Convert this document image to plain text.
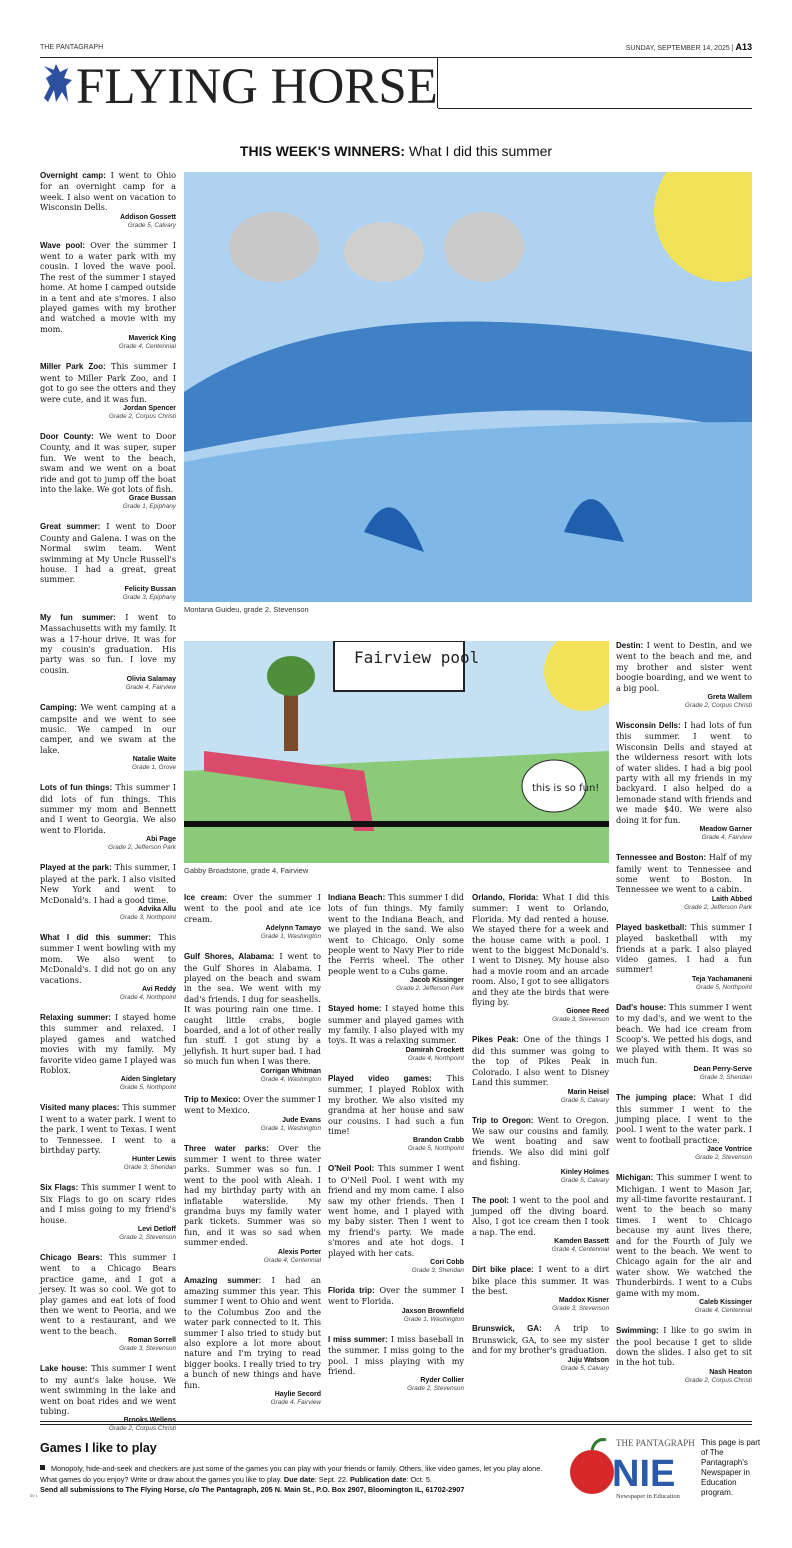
THE PANTAGRAPH	SUNDAY, SEPTEMBER 14, 2025 | A13
FLYING HORSE
THIS WEEK'S WINNERS: What I did this summer
Montana Guideu, grade 2, Stevenson
Fairview pool
this is so fun!
Gabby Broadstone, grade 4, Fairview
Overnight camp: I went to Ohio for an overnight camp for a week. I also went on vacation to Wisconsin Dells.
Addison Gossett
Grade 5, Calvary
Wave pool: Over the summer I went to a water park with my cousin. I loved the wave pool. The rest of the summer I stayed home. At home I camped outside in a tent and ate s'mores. I also played games with my brother and watched a movie with my mom.
Maverick King
Grade 4, Centennial
Miller Park Zoo: This summer I went to Miller Park Zoo, and I got to go see the otters and they were cute, and it was fun.
Jordan Spencer
Grade 2, Corpus Christi
Door County: We went to Door County, and it was super, super fun. We went to the beach, swam and we went on a boat ride and got to jump off the boat into the lake. We got lots of fish.
Grace Bussan
Grade 1, Epiphany
Great summer: I went to Door County and Galena. I was on the Normal swim team. Went swimming at My Uncle Russell's house. I had a great, great summer.
Felicity Bussan
Grade 3, Epiphany
My fun summer: I went to Massachusetts with my family. It was a 17-hour drive. It was for my cousin's graduation. His party was so fun. I love my cousin.
Olivia Salamay
Grade 4, Fairview
Camping: We went camping at a campsite and we went to see music. We camped in our camper, and we swam at the lake.
Natalie Waite
Grade 1, Grove
Lots of fun things: This summer I did lots of fun things. This summer my mom and Bennett and I went to Georgia. We also went to Florida.
Abi Page
Grade 2, Jefferson Park
Played at the park: This summer, I played at the park. I also visited New York and went to McDonald's. I had a good time.
Advika Allu
Grade 3, Northpoint
What I did this summer: This summer I went bowling with my mom. We also went to McDonald's. I did not go on any vacations.
Avi Reddy
Grade 4, Northpoint
Relaxing summer: I stayed home this summer and relaxed. I played games and watched movies with my family. My favorite video game I played was Roblox.
Aiden Singletary
Grade 5, Northpoint
Visited many places: This summer I went to a water park. I went to the park. I went to Texas. I went to Tennessee. I went to a birthday party.
Hunter Lewis
Grade 3, Sheridan
Six Flags: This summer I went to Six Flags to go on scary rides and I miss going to my friend's house.
Levi Detloff
Grade 2, Stevenson
Chicago Bears: This summer I went to a Chicago Bears practice game, and I got a jersey. It was so cool. We got to play games and eat lots of food then we went to Peoria, and we went to a restaurant, and we went to the beach.
Roman Sorrell
Grade 3, Stevenson
Lake house: This summer I went to my aunt's lake house. We went swimming in the lake and went on boat rides and we went tubing.
Brooks Wellens
Grade 2, Corpus Christi
Ice cream: Over the summer I went to the pool and ate ice cream.
Adelynn Tamayo
Grade 1, Washington
Gulf Shores, Alabama: I went to the Gulf Shores in Alabama. I played on the beach and swam in the sea. We went with my dad's friends. I dug for seashells. It was pouring rain one time. I caught little crabs, bogie boarded, and a lot of other really fun stuff. I got stung by a jellyfish. It hurt super bad. I had so much fun when I was there.
Corrigan Whitman
Grade 4, Washington
Trip to Mexico: Over the summer I went to Mexico.
Jude Evans
Grade 1, Washington
Three water parks: Over the summer I went to three water parks. Summer was so fun. I went to the pool with Aleah. I had my birthday party with an inflatable waterslide. My grandma buys my family water park tickets. Summer was so fun, and it was so sad when summer ended.
Alexis Porter
Grade 4, Centennial
Amazing summer: I had an amazing summer this year. This summer I went to Ohio and went to the Columbus Zoo and the water park connected to it. This summer I also tried to study but also explore a lot more about nature and I'm trying to read bigger books. I really tried to try a bunch of new things and have fun.
Haylie Secord
Grade 4, Fairview
Indiana Beach: This summer I did lots of fun things. My family went to the Indiana Beach, and we played in the sand. We also went to Chicago. Only some people went to Navy Pier to ride the Ferris wheel. The other people went to a Cubs game.
Jacob Kissinger
Grade 2, Jefferson Park
Stayed home: I stayed home this summer and played games with my family. I also played with my toys. It was a relaxing summer.
Damirah Crockett
Grade 4, Northpoint
Played video games: This summer, I played Roblox with my brother. We also visited my grandma at her house and saw our cousins. I had such a fun time!
Brandon Crabb
Grade 5, Northpoint
O'Neil Pool: This summer I went to O'Neil Pool. I went with my friend and my mom came. I also saw my other friends. Then I went home, and I played with my baby sister. Then I went to my friend's party. We made s'mores and ate hot dogs. I played with her cats.
Cori Cobb
Grade 3, Sheridan
Florida trip: Over the summer I went to Florida.
Jaxson Brownfield
Grade 1, Washington
I miss summer: I miss baseball in the summer. I miss going to the pool. I miss playing with my friend.
Ryder Collier
Grade 2, Stevenson
Orlando, Florida: What I did this summer: I went to Orlando, Florida. My dad rented a house. We stayed there for a week and the house came with a pool. I went to the biggest McDonald's. I went to Disney. My house also had a movie room and an arcade room. Also, I got to see alligators and they ate the birds that were flying by.
Gionee Reed
Grade 3, Stevenson
Pikes Peak: One of the things I did this summer was going to the top of Pikes Peak in Colorado. I also went to Disney Land this summer.
Marin Heisel
Grade 5, Calvary
Trip to Oregon: Went to Oregon. We saw our cousins and family. We went boating and saw friends. We also did mini golf and fishing.
Kinley Holmes
Grade 5, Calvary
The pool: I went to the pool and jumped off the diving board. Also, I got ice cream then I took a nap. The end.
Kamden Bassett
Grade 4, Centennial
Dirt bike place: I went to a dirt bike place this summer. It was the best.
Maddox Kisner
Grade 3, Stevenson
Brunswick, GA: A trip to Brunswick, GA, to see my sister and for my brother's graduation.
Juju Watson
Grade 5, Calvary
Destin: I went to Destin, and we went to the beach and me, and my brother and sister went boogie boarding, and we went to a big pool.
Greta Wallem
Grade 2, Corpus Christi
Wisconsin Dells: I had lots of fun this summer. I went to Wisconsin Dells and stayed at the wilderness resort with lots of water slides. I had a big pool party with all my friends in my backyard. I also helped do a lemonade stand with friends and we made $40. We were also doing it for fun.
Meadow Garner
Grade 4, Fairview
Tennessee and Boston: Half of my family went to Tennessee and some went to Boston. In Tennessee we went to a cabin.
Laith Abbed
Grade 2, Jefferson Park
Played basketball: This summer I played basketball with my friends at a park. I also played video games. I had a fun summer!
Teja Yachamaneni
Grade 5, Northpoint
Dad's house: This summer I went to my dad's, and we went to the beach. We had ice cream from Scoop's. We petted his dogs, and we played with them. It was so much fun.
Dean Perry-Serve
Grade 3, Sheridan
The jumping place: What I did this summer I went to the jumping place. I went to the pool. I went to the water park. I went to football practice.
Jace Vontrice
Grade 2, Stevenson
Michigan: This summer I went to Michigan. I went to Mason Jar, my all-time favorite restaurant. I went to the beach so many times. I went to Chicago because my aunt lives there, and for the Fourth of July we went to the beach. We went to Chicago again for the air and water show. We watched the Thunderbirds. I went to a Cubs game with my mom.
Caleb Kissinger
Grade 4, Centennial
Swimming: I like to go swim in the pool because I get to slide down the slides. I also get to sit in the hot tub.
Nash Heaton
Grade 2, Corpus Christi
Games I like to play
Monopoly, hide-and-seek and checkers are just some of the games you can play with your friends or family. Others, like video games, let you play alone. What games do you enjoy? Write or draw about the games you like to play. Due date: Sept. 22. Publication date: Oct. 5.
Send all submissions to The Flying Horse, c/o The Pantagraph, 205 N. Main St., P.O. Box 2907, Bloomington IL, 61702-2907
THE PANTAGRAPH
NIE
Newspaper in Education
This page is part of The Pantagraph's Newspaper in Education program.
00 1
